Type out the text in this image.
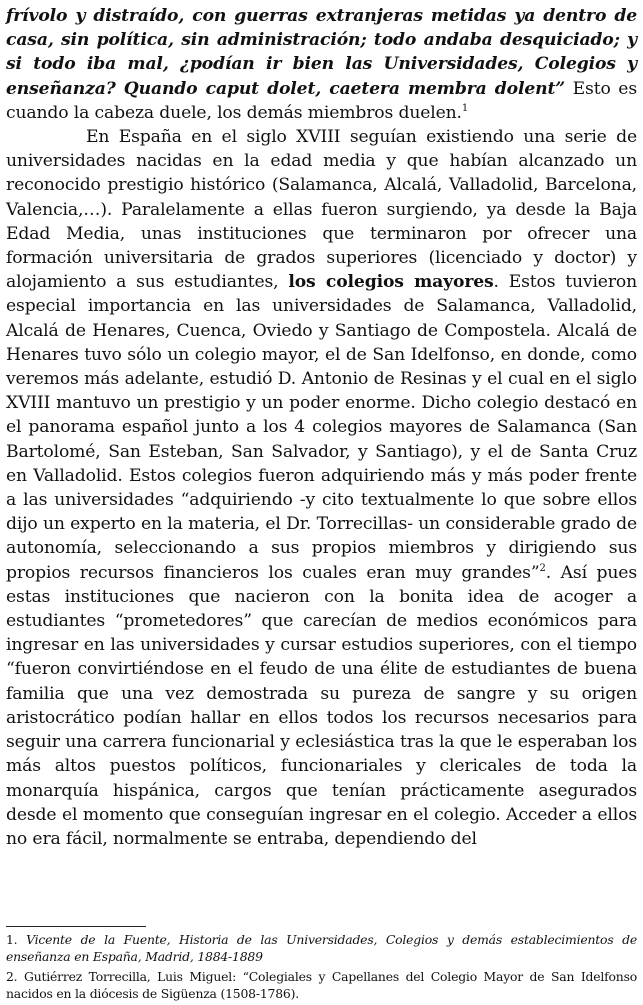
frívolo y distraído, con guerras extranjeras metidas ya dentro de casa, sin política, sin administración; todo andaba desquiciado; y si todo iba mal, ¿podían ir bien las Universidades, Colegios y enseñanza? Quando caput dolet, caetera membra dolent” Esto es cuando la cabeza duele, los demás miembros duelen.$^1$

En España en el siglo XVIII seguían existiendo una serie de universidades nacidas en la edad media y que habían alcanzado un reconocido prestigio histórico (Salamanca, Alcalá, Valladolid, Barcelona, Valencia,…). Paralelamente a ellas fueron surgiendo, ya desde la Baja Edad Media, unas instituciones que terminaron por ofrecer una formación universitaria de grados superiores (licenciado y doctor) y alojamiento a sus estudiantes, los colegios mayores. Estos tuvieron especial importancia en las universidades de Salamanca, Valladolid, Alcalá de Henares, Cuenca, Oviedo y Santiago de Compostela. Alcalá de Henares tuvo sólo un colegio mayor, el de San Idelfonso, en donde, como veremos más adelante, estudió D. Antonio de Resinas y el cual en el siglo XVIII mantuvo un prestigio y un poder enorme. Dicho colegio destacó en el panorama español junto a los 4 colegios mayores de Salamanca (San Bartolomé, San Esteban, San Salvador, y Santiago), y el de Santa Cruz en Valladolid. Estos colegios fueron adquiriendo más y más poder frente a las universidades “adquiriendo -y cito textualmente lo que sobre ellos dijo un experto en la materia, el Dr. Torrecillas- un considerable grado de autonomía, seleccionando a sus propios miembros y dirigiendo sus propios recursos financieros los cuales eran muy grandes”$^2$. Así pues estas instituciones que nacieron con la bonita idea de acoger a estudiantes “prometedores” que carecían de medios económicos para ingresar en las universidades y cursar estudios superiores, con el tiempo “fueron convirtiéndose en el feudo de una élite de estudiantes de buena familia que una vez demostrada su pureza de sangre y su origen aristocrático podían hallar en ellos todos los recursos necesarios para seguir una carrera funcionarial y eclesiástica tras la que le esperaban los más altos puestos políticos, funcionariales y clericales de toda la monarquía hispánica, cargos que tenían prácticamente asegurados desde el momento que conseguían ingresar en el colegio. Acceder a ellos no era fácil, normalmente se entraba, dependiendo del

1. Vicente de la Fuente, Historia de las Universidades, Colegios y demás establecimientos de enseñanza en España, Madrid, 1884-1889

2. Gutiérrez Torrecilla, Luis Miguel: “Colegiales y Capellanes del Colegio Mayor de San Idelfonso nacidos en la diócesis de Sigüenza (1508-1786).
